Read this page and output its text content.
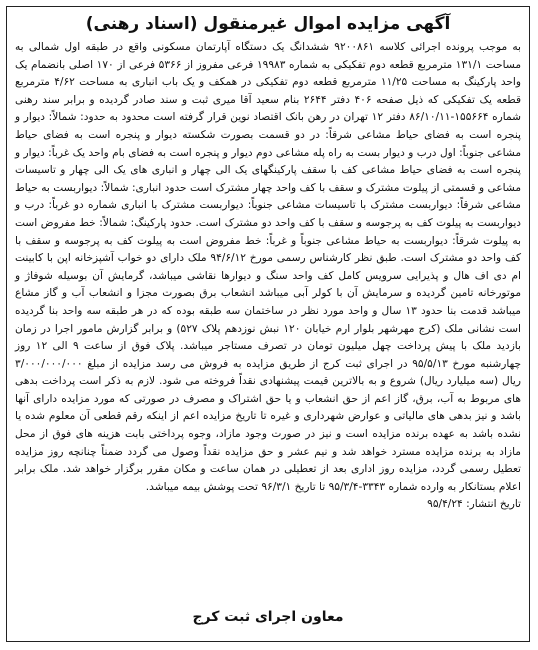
آگهی مزایده اموال غیرمنقول (اسناد رهنی)

به موجب پرونده اجرائی کلاسه ۹۲۰۰۸۶۱ ششدانگ یک دستگاه آپارتمان مسکونی واقع در طبقه اول شمالی به مساحت ۱۳۱/۱ مترمربع قطعه دوم تفکیکی به شماره ۱۹۹۸۳ فرعی مفروز از ۵۳۶۶ فرعی از ۱۷۰ اصلی بانضمام یک واحد پارکینگ به مساحت ۱۱/۲۵ مترمربع قطعه دوم تفکیکی در همکف و یک باب انباری به مساحت ۴/۶۲ مترمربع قطعه یک تفکیکی که ذیل صفحه ۴۰۶ دفتر ۲۶۴۴ بنام سعید آقا میری ثبت و سند صادر گردیده و برابر سند رهنی شماره ۱۵۵۶۶۴-۸۶/۱۰/۱۱ دفتر ۱۲ تهران در رهن بانک اقتصاد نوین قرار گرفته است محدود به حدود: شمالاً: دیوار و پنجره است به فضای حیاط مشاعی شرقاً: در دو قسمت بصورت شکسته دیوار و پنجره است به فضای حیاط مشاعی جنوباً: اول درب و دیوار بست به راه پله مشاعی دوم دیوار و پنجره است به فضای بام واحد یک غرباً: دیوار و پنجره است به فضای حیاط مشاعی کف با سقف پارکینگهای یک الی چهار و انباری های یک الی چهار و تاسیسات مشاعی و قسمتی از پیلوت مشترک و سقف با کف واحد چهار مشترک است حدود انباری: شمالاً: دیواربست به حیاط مشاعی شرقاً: دیواربست مشترک با تاسیسات مشاعی جنوباً: دیواربست مشترک با انباری شماره دو غرباً: درب و دیواربست به پیلوت کف به پرجوسه و سقف با کف واحد دو مشترک است. حدود پارکینگ: شمالاً: خط مفروض است به پیلوت شرقاً: دیواربست به حیاط مشاعی جنوباً و غرباً: خط مفروض است به پیلوت کف به پرجوسه و سقف با کف واحد دو مشترک است. طبق نظر کارشناس رسمی مورخ ۹۴/۶/۱۲ ملک دارای دو خواب آشپزخانه اپن با کابینت ام دی اف هال و پذیرایی سرویس کامل کف واحد سنگ و دیوارها نقاشی میباشد، گرمایش آن بوسیله شوفاژ و موتورخانه تامین گردیده و سرمایش آن با کولر آبی میباشد انشعاب برق بصورت مجزا و انشعاب آب و گاز مشاع میباشد قدمت بنا حدود ۱۳ سال و واحد مورد نظر در ساختمان سه طبقه بوده که در هر طبقه سه واحد بنا گردیده است نشانی ملک (کرج مهرشهر بلوار ارم خیابان ۱۲۰ نبش نوزدهم پلاک ۵۲۷) و برابر گزارش مامور اجرا در زمان بازدید ملک با پیش پرداخت چهل میلیون تومان در تصرف مستاجر میباشد. پلاک فوق از ساعت ۹ الی ۱۲ روز چهارشنبه مورخ ۹۵/۵/۱۳ در اجرای ثبت کرج از طریق مزایده به فروش می رسد مزایده از مبلغ ۳/۰۰۰/۰۰۰/۰۰۰ ریال (سه میلیارد ریال) شروع و به بالاترین قیمت پیشنهادی نقداً فروخته می شود. لازم به ذکر است پرداخت بدهی های مربوط به آب، برق، گاز اعم از حق انشعاب و یا حق اشتراک و مصرف در صورتی که مورد مزایده دارای آنها باشد و نیز بدهی های مالیاتی و عوارض شهرداری و غیره تا تاریخ مزایده اعم از اینکه رقم قطعی آن معلوم شده یا نشده باشد به عهده برنده مزایده است و نیز در صورت وجود مازاد، وجوه پرداختی بابت هزینه های فوق از محل مازاد به برنده مزایده مسترد خواهد شد و نیم عشر و حق مزایده نقداً وصول می گردد ضمناً چنانچه روز مزایده تعطیل رسمی گردد، مزایده روز اداری بعد از تعطیلی در همان ساعت و مکان مقرر برگزار خواهد شد. ملک برابر اعلام بستانکار به وارده شماره ۳۳۴۳-۹۵/۳/۴ تا تاریخ ۹۶/۳/۱ تحت پوشش بیمه میباشد.

تاریخ انتشار: ۹۵/۴/۲۴

معاون اجرای ثبت کرج
